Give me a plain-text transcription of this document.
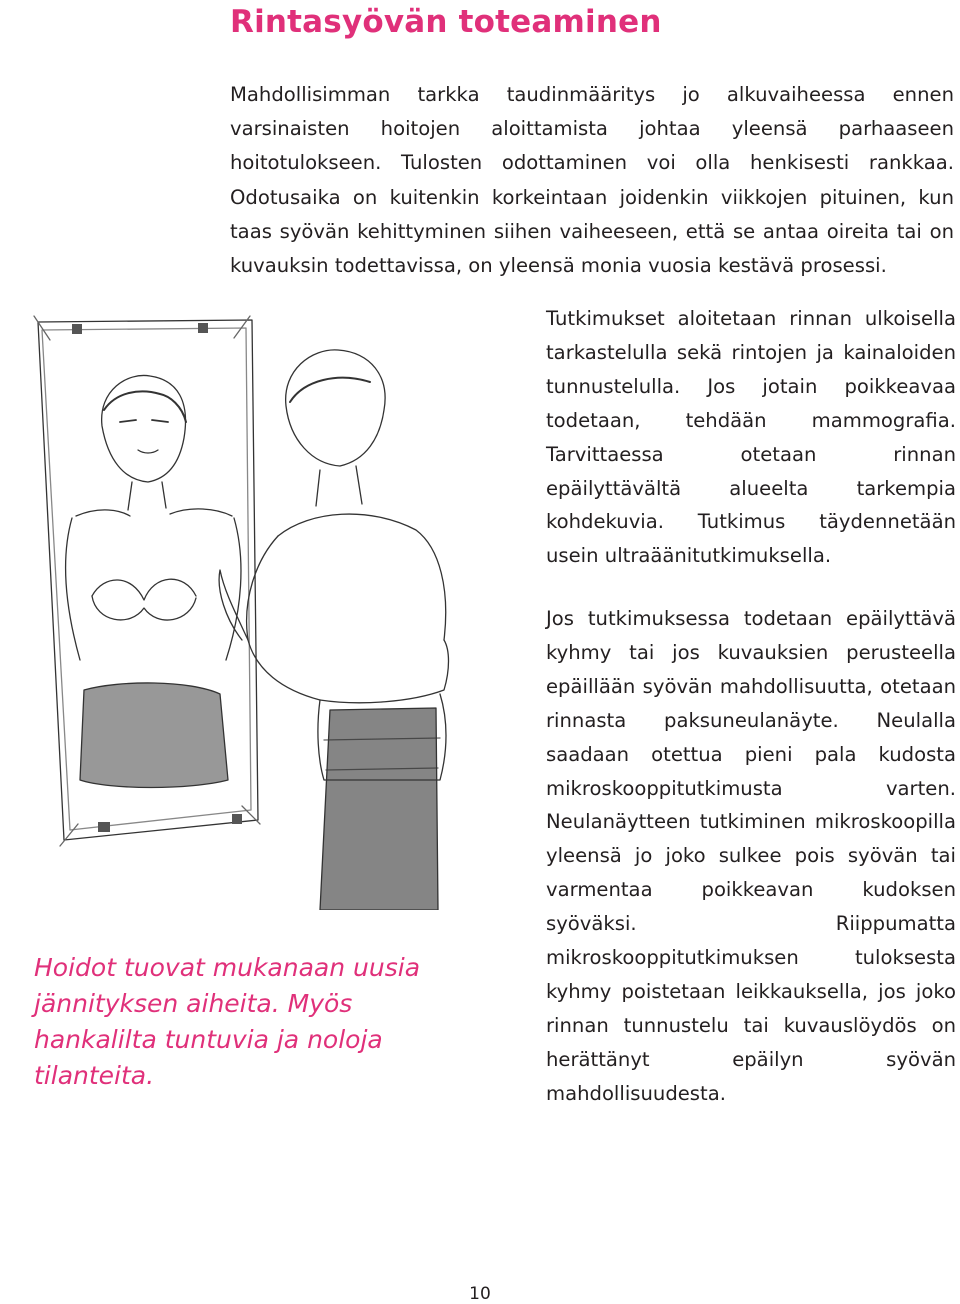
Rintasyövän toteaminen

Mahdollisimman tarkka taudinmääritys jo alkuvaiheessa ennen varsinaisten hoitojen aloittamista johtaa yleensä parhaaseen hoitotulokseen. Tulosten odottaminen voi olla henkisesti rankkaa. Odotusaika on kuitenkin korkeintaan joidenkin viikkojen pituinen, kun taas syövän kehittyminen siihen vaiheeseen, että se antaa oireita tai on kuvauksin todettavissa, on yleensä monia vuosia kestävä prosessi.

Tutkimukset aloitetaan rinnan ulkoisella tarkastelulla sekä rintojen ja kainaloiden tunnustelulla. Jos jotain poikkeavaa todetaan, tehdään mammografia. Tarvittaessa otetaan rinnan epäilyttävältä alueelta tarkempia kohdekuvia. Tutkimus täydennetään usein ultraäänitutkimuksella.

Jos tutkimuksessa todetaan epäilyttävä kyhmy tai jos kuvauksien perusteella epäillään syövän mahdollisuutta, otetaan rinnasta paksuneulanäyte. Neulalla saadaan otettua pieni pala kudosta mikroskooppitutkimusta varten. Neulanäytteen tutkiminen mikroskoopilla yleensä jo joko sulkee pois syövän tai varmentaa poikkeavan kudoksen syöväksi. Riippumatta mikroskooppitutkimuksen tuloksesta kyhmy poistetaan leikkauksella, jos joko rinnan tunnustelu tai kuvauslöydös on herättänyt epäilyn syövän mahdollisuudesta.

Hoidot tuovat mukanaan uusia jännityksen aiheita. Myös hankalilta tuntuvia ja noloja tilanteita.

10
